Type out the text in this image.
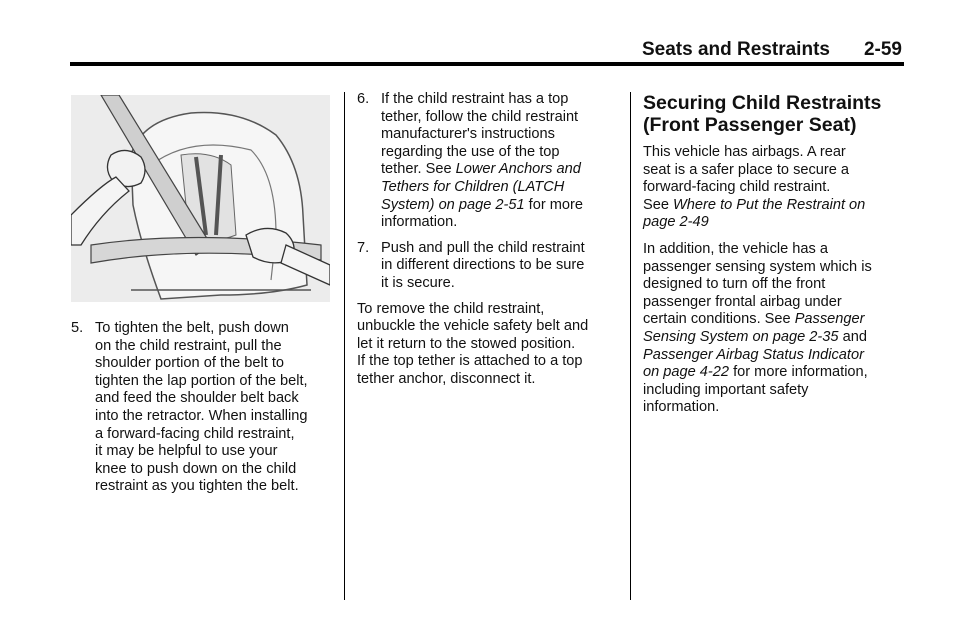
Seats and Restraints 2-59
5. To tighten the belt, push down
on the child restraint, pull the
shoulder portion of the belt to
tighten the lap portion of the belt,
and feed the shoulder belt back
into the retractor. When installing
a forward-facing child restraint,
it may be helpful to use your
knee to push down on the child
restraint as you tighten the belt.
6. If the child restraint has a top
tether, follow the child restraint
manufacturer's instructions
regarding the use of the top
tether. See Lower Anchors and
Tethers for Children (LATCH
System) on page 2-51 for more
information.
7. Push and pull the child restraint
in different directions to be sure
it is secure.

To remove the child restraint,
unbuckle the vehicle safety belt and
let it return to the stowed position.
If the top tether is attached to a top
tether anchor, disconnect it.

Securing Child Restraints
(Front Passenger Seat)

This vehicle has airbags. A rear
seat is a safer place to secure a
forward-facing child restraint.
See Where to Put the Restraint on
page 2-49

In addition, the vehicle has a
passenger sensing system which is
designed to turn off the front
passenger frontal airbag under
certain conditions. See Passenger
Sensing System on page 2-35 and
Passenger Airbag Status Indicator
on page 4-22 for more information,
including important safety
information.
